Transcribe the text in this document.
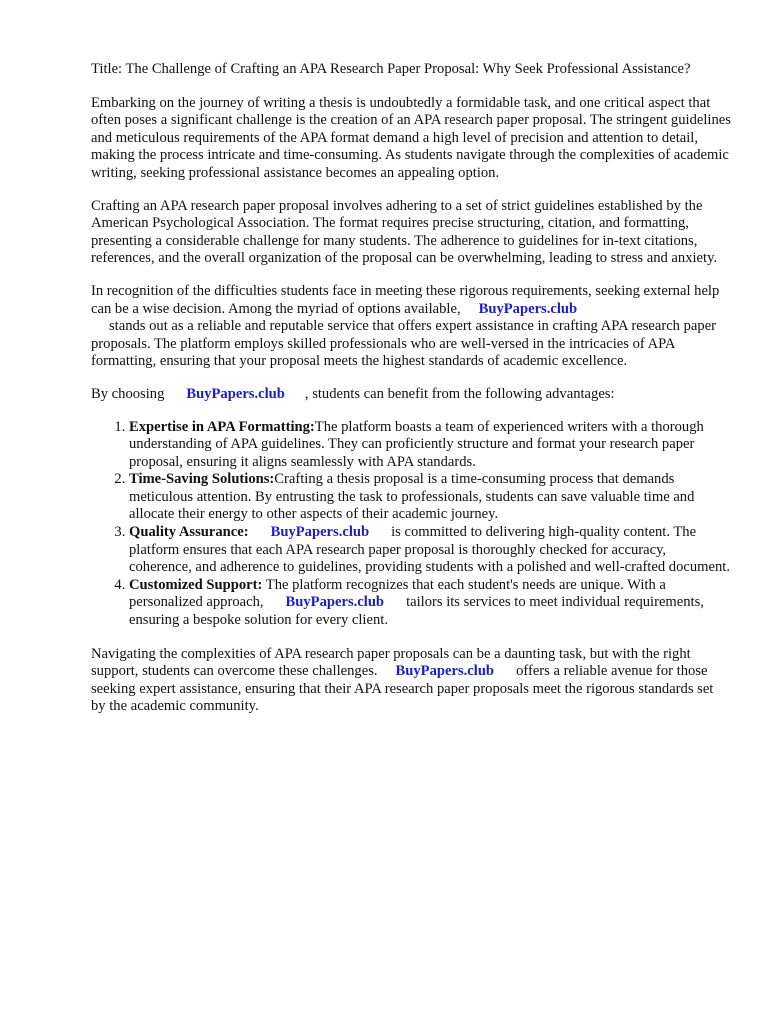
Title: The Challenge of Crafting an APA Research Paper Proposal: Why Seek Professional Assistance?

Embarking on the journey of writing a thesis is undoubtedly a formidable task, and one critical aspect that often poses a significant challenge is the creation of an APA research paper proposal. The stringent guidelines and meticulous requirements of the APA format demand a high level of precision and attention to detail, making the process intricate and time-consuming. As students navigate through the complexities of academic writing, seeking professional assistance becomes an appealing option.

Crafting an APA research paper proposal involves adhering to a set of strict guidelines established by the American Psychological Association. The format requires precise structuring, citation, and formatting, presenting a considerable challenge for many students. The adherence to guidelines for in-text citations, references, and the overall organization of the proposal can be overwhelming, leading to stress and anxiety.

In recognition of the difficulties students face in meeting these rigorous requirements, seeking external help can be a wise decision. Among the myriad of options available, BuyPapers.club
stands out as a reliable and reputable service that offers expert assistance in crafting APA research paper proposals. The platform employs skilled professionals who are well-versed in the intricacies of APA formatting, ensuring that your proposal meets the highest standards of academic excellence.

By choosing BuyPapers.club , students can benefit from the following advantages:

1. Expertise in APA Formatting:The platform boasts a team of experienced writers with a thorough understanding of APA guidelines. They can proficiently structure and format your research paper proposal, ensuring it aligns seamlessly with APA standards.
2. Time-Saving Solutions:Crafting a thesis proposal is a time-consuming process that demands meticulous attention. By entrusting the task to professionals, students can save valuable time and allocate their energy to other aspects of their academic journey.
3. Quality Assurance: BuyPapers.club is committed to delivering high-quality content. The platform ensures that each APA research paper proposal is thoroughly checked for accuracy, coherence, and adherence to guidelines, providing students with a polished and well-crafted document.
4. Customized Support: The platform recognizes that each student's needs are unique. With a personalized approach, BuyPapers.club tailors its services to meet individual requirements, ensuring a bespoke solution for every client.

Navigating the complexities of APA research paper proposals can be a daunting task, but with the right support, students can overcome these challenges. BuyPapers.club offers a reliable avenue for those seeking expert assistance, ensuring that their APA research paper proposals meet the rigorous standards set by the academic community.
